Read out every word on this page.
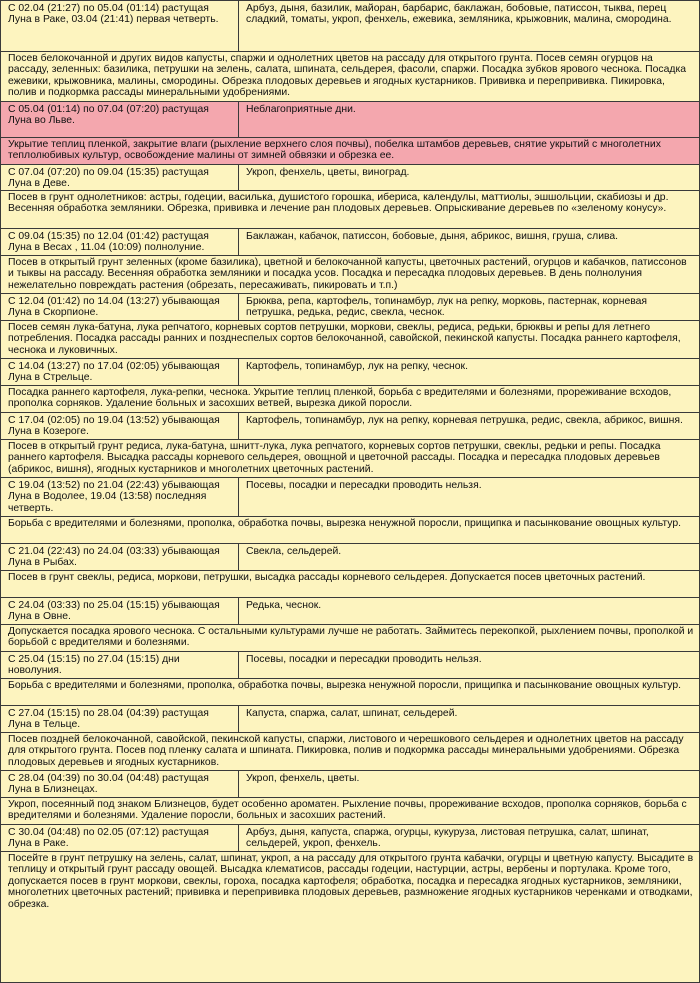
С 02.04 (21:27) по 05.04 (01:14) растущая Луна в Раке, 03.04 (21:41) первая четверть.
Арбуз, дыня, базилик, майоран, барбарис, баклажан, бобовые, патиссон, тыква, перец сладкий, томаты, укроп, фенхель, ежевика, земляника, крыжовник, малина, смородина.
Посев белокочанной и других видов капусты, спаржи и однолетних цветов на рассаду для открытого грунта. Посев семян огурцов на рассаду, зеленных: базилика, петрушки на зелень, салата, шпината, сельдерея, фасоли, спаржи. Посадка зубков ярового чеснока. Посадка ежевики, крыжовника, малины, смородины. Обрезка плодовых деревьев и ягодных кустарников. Прививка и перепрививка. Пикировка, полив и подкормка рассады минеральными удобрениями.
С 05.04 (01:14) по 07.04 (07:20) растущая Луна во Льве.
Неблагоприятные дни.
Укрытие теплиц пленкой, закрытие влаги (рыхление верхнего слоя почвы), побелка штамбов деревьев, снятие укрытий с многолетних теплолюбивых культур, освобождение малины от зимней обвязки и обрезка ее.
С 07.04 (07:20) по 09.04 (15:35) растущая Луна в Деве.
Укроп, фенхель, цветы, виноград.
Посев в грунт однолетников: астры, годеции, василька, душистого горошка, иберисa, календулы, маттиолы, эшшольции, скабиозы и др. Весенняя обработка земляники. Обрезка, прививка и лечение ран плодовых деревьев. Опрыскивание деревьев по «зеленому конусу».
С 09.04 (15:35) по 12.04 (01:42) растущая Луна в Весах , 11.04 (10:09) полнолуние.
Баклажан, кабачок, патиссон, бобовые, дыня, абрикос, вишня, груша, слива.
Посев в открытый грунт зеленных (кроме базилика), цветной и белокочанной капусты, цветочных растений, огурцов и кабачков, патиссонов и тыквы на рассаду. Весенняя обработка земляники и посадка усов. Посадка и пересадка плодовых деревьев. В день полнолуния нежелательно повреждать растения (обрезать, пересаживать, пикировать и т.п.)
С 12.04 (01:42) по 14.04 (13:27) убывающая Луна в Скорпионе.
Брюква, репа, картофель, топинамбур, лук на репку, морковь, пастернак, корневая петрушка, редька, редис, свекла, чеснок.
Посев семян лука-батуна, лука репчатого, корневых сортов петрушки, моркови, свеклы, редиса, редьки, брюквы и репы для летнего потребления. Посадка рассады ранних и позднеспелых сортов белокочанной, савойской, пекинской капусты. Посадка раннего картофеля, чеснока и луковичных.
С 14.04 (13:27) по 17.04 (02:05) убывающая Луна в Стрельце.
Картофель, топинамбур, лук на репку, чеснок.
Посадка раннего картофеля, лука-репки, чеснока. Укрытие теплиц пленкой, борьба с вредителями и болезнями, прореживание всходов, прополка сорняков. Удаление больных и засохших ветвей, вырезка дикой поросли.
С 17.04 (02:05) по 19.04 (13:52) убывающая Луна в Козероге.
Картофель, топинамбур, лук на репку, корневая петрушка, редис, свекла, абрикос, вишня.
Посев в открытый грунт редиса, лука-батуна, шнитт-лука, лука репчатого, корневых сортов петрушки, свеклы, редьки и репы. Посадка раннего картофеля. Высадка рассады корневого сельдерея, овощной и цветочной рассады. Посадка и пересадка плодовых деревьев (абрикос, вишня), ягодных кустарников и многолетних цветочных растений.
С 19.04 (13:52) по 21.04 (22:43) убывающая Луна в Водолее, 19.04 (13:58) последняя четверть.
Посевы, посадки и пересадки проводить нельзя.
Борьба с вредителями и болезнями, прополка, обработка почвы, вырезка ненужной поросли, прищипка и пасынкование овощных культур.
С 21.04 (22:43) по 24.04 (03:33) убывающая Луна в Рыбах.
Свекла, сельдерей.
Посев в грунт свеклы, редиса, моркови, петрушки, высадка рассады корневого сельдерея. Допускается посев цветочных растений.
С 24.04 (03:33) по 25.04 (15:15) убывающая Луна в Овне.
Редька, чеснок.
Допускается посадка ярового чеснока. С остальными культурами лучше не работать. Займитесь перекопкой, рыхлением почвы, прополкой и борьбой с вредителями и болезнями.
С 25.04 (15:15) по 27.04 (15:15) дни новолуния.
Посевы, посадки и пересадки проводить нельзя.
Борьба с вредителями и болезнями, прополка, обработка почвы, вырезка ненужной поросли, прищипка и пасынкование овощных культур.
С 27.04 (15:15) по 28.04 (04:39) растущая Луна в Тельце.
Капуста, спаржа, салат, шпинат, сельдерей.
Посев поздней белокочанной, савойской, пекинской капусты, спаржи, листового и черешкового сельдерея и однолетних цветов на рассаду для открытого грунта. Посев под пленку салата и шпината. Пикировка, полив и подкормка рассады минеральными удобрениями. Обрезка плодовых деревьев и ягодных кустарников.
С 28.04 (04:39) по 30.04 (04:48) растущая Луна в Близнецах.
Укроп, фенхель, цветы.
Укроп, посеянный под знаком Близнецов, будет особенно ароматен. Рыхление почвы, прореживание всходов, прополка сорняков, борьба с вредителями и болезнями. Удаление поросли, больных и засохших растений.
С 30.04 (04:48) по 02.05 (07:12) растущая Луна в Раке.
Арбуз, дыня, капуста, спаржа, огурцы, кукуруза, листовая петрушка, салат, шпинат, сельдерей, укроп, фенхель.
Посейте в грунт петрушку на зелень, салат, шпинат, укроп, а на рассаду для открытого грунта кабачки, огурцы и цветную капусту. Высадите в теплицу и открытый грунт рассаду овощей. Высадка клематисов, рассады годеции, настурции, астры, вербены и портулака. Кроме того, допускается посев в грунт моркови, свеклы, гороха, посадка картофеля; обработка, посадка и пересадка ягодных кустарников, земляники, многолетних цветочных растений; прививка и перепрививка плодовых деревьев, размножение ягодных кустарников черенками и отводками, обрезка.
